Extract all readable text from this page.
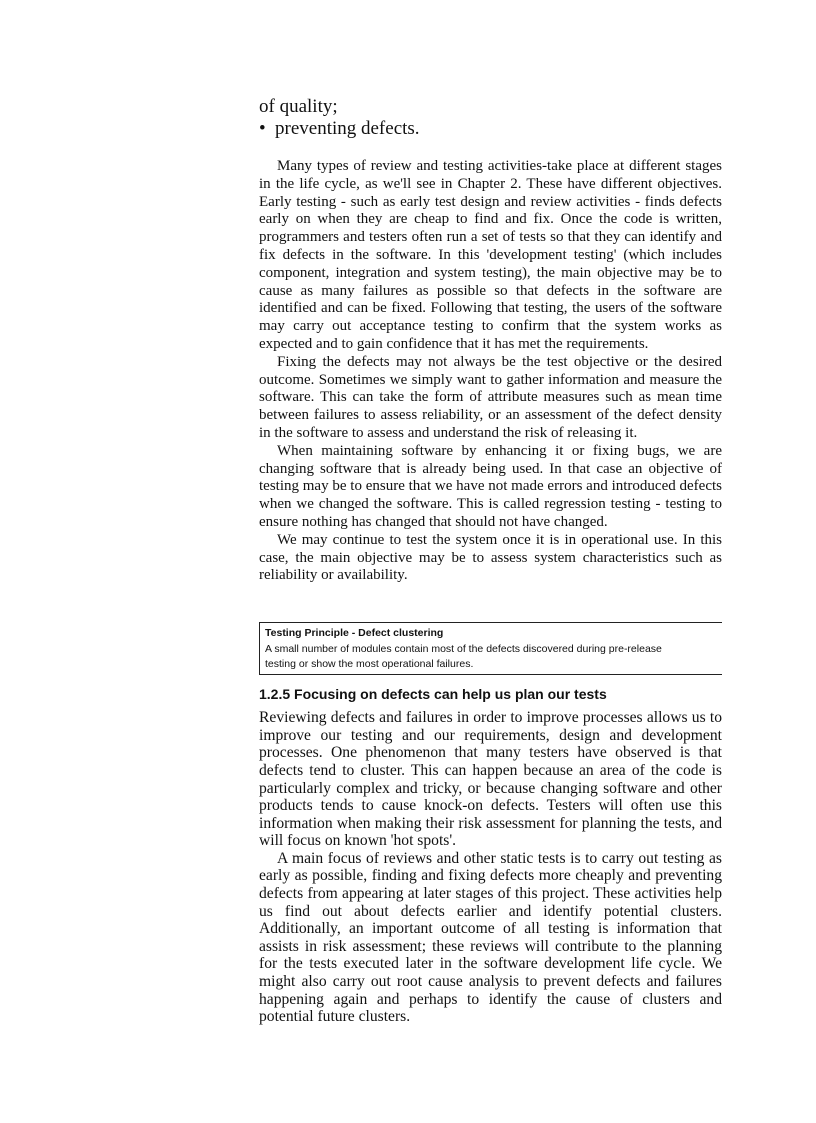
of quality;

• preventing defects.

Many types of review and testing activities-take place at different stages in the life cycle, as we'll see in Chapter 2. These have different objectives. Early testing - such as early test design and review activities - finds defects early on when they are cheap to find and fix. Once the code is written, programmers and testers often run a set of tests so that they can identify and fix defects in the software. In this 'development testing' (which includes component, integration and system testing), the main objective may be to cause as many failures as possible so that defects in the software are identified and can be fixed. Following that testing, the users of the software may carry out acceptance testing to confirm that the system works as expected and to gain confidence that it has met the requirements.

Fixing the defects may not always be the test objective or the desired outcome. Sometimes we simply want to gather information and measure the software. This can take the form of attribute measures such as mean time between failures to assess reliability, or an assessment of the defect density in the software to assess and understand the risk of releasing it.

When maintaining software by enhancing it or fixing bugs, we are changing software that is already being used. In that case an objective of testing may be to ensure that we have not made errors and introduced defects when we changed the software. This is called regression testing - testing to ensure nothing has changed that should not have changed.

We may continue to test the system once it is in operational use. In this case, the main objective may be to assess system characteristics such as reliability or availability.

Testing Principle - Defect clustering

A small number of modules contain most of the defects discovered during pre-release

testing or show the most operational failures.

1.2.5 Focusing on defects can help us plan our tests

Reviewing defects and failures in order to improve processes allows us to improve our testing and our requirements, design and development processes. One phenomenon that many testers have observed is that defects tend to cluster. This can happen because an area of the code is particularly complex and tricky, or because changing software and other products tends to cause knock-on defects. Testers will often use this information when making their risk assessment for planning the tests, and will focus on known 'hot spots'.

A main focus of reviews and other static tests is to carry out testing as early as possible, finding and fixing defects more cheaply and preventing defects from appearing at later stages of this project. These activities help us find out about defects earlier and identify potential clusters. Additionally, an important outcome of all testing is information that assists in risk assessment; these reviews will contribute to the planning for the tests executed later in the software development life cycle. We might also carry out root cause analysis to prevent defects and failures happening again and perhaps to identify the cause of clusters and potential future clusters.
